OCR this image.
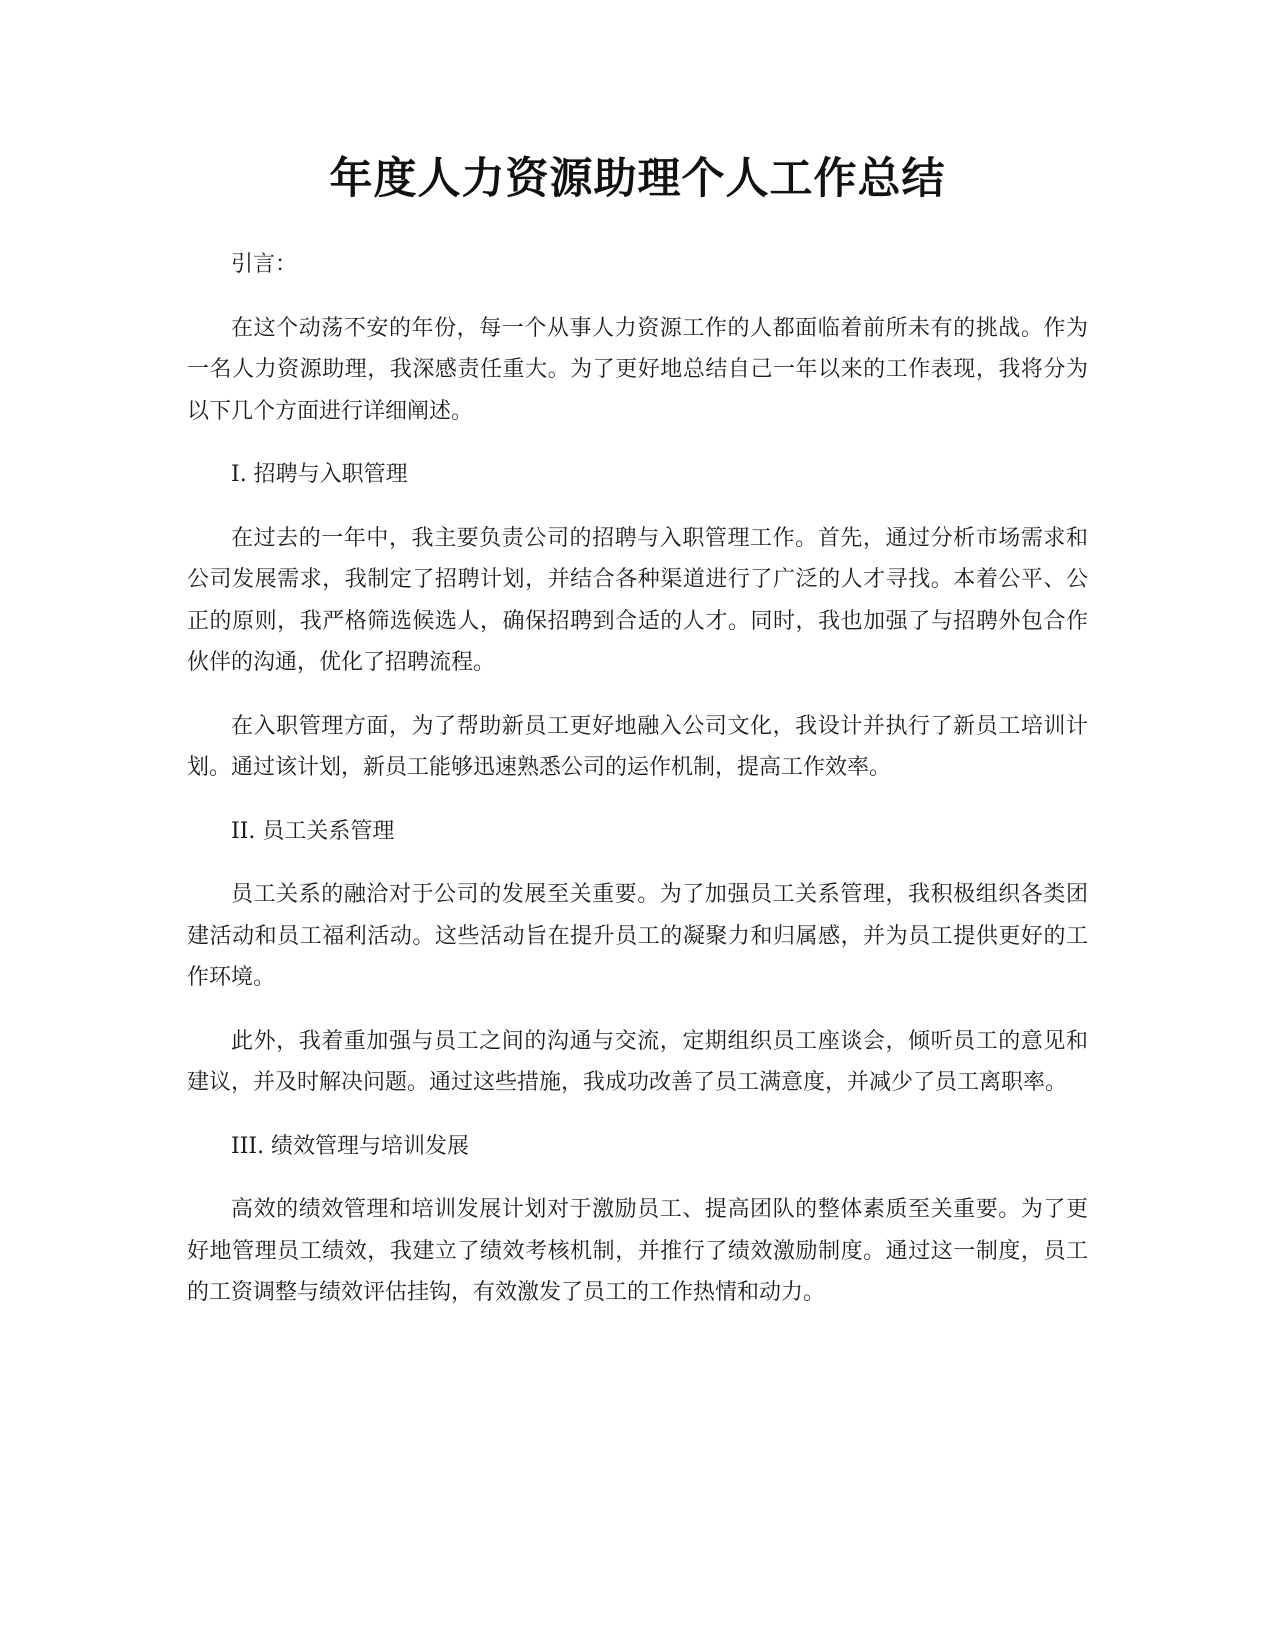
年度人力资源助理个人工作总结
引言：

在这个动荡不安的年份，每一个从事人力资源工作的人都面临着前所未有的挑战。作为一名人力资源助理，我深感责任重大。为了更好地总结自己一年以来的工作表现，我将分为以下几个方面进行详细阐述。

I. 招聘与入职管理

在过去的一年中，我主要负责公司的招聘与入职管理工作。首先，通过分析市场需求和公司发展需求，我制定了招聘计划，并结合各种渠道进行了广泛的人才寻找。本着公平、公正的原则，我严格筛选候选人，确保招聘到合适的人才。同时，我也加强了与招聘外包合作伙伴的沟通，优化了招聘流程。

在入职管理方面，为了帮助新员工更好地融入公司文化，我设计并执行了新员工培训计划。通过该计划，新员工能够迅速熟悉公司的运作机制，提高工作效率。

II. 员工关系管理

员工关系的融洽对于公司的发展至关重要。为了加强员工关系管理，我积极组织各类团建活动和员工福利活动。这些活动旨在提升员工的凝聚力和归属感，并为员工提供更好的工作环境。

此外，我着重加强与员工之间的沟通与交流，定期组织员工座谈会，倾听员工的意见和建议，并及时解决问题。通过这些措施，我成功改善了员工满意度，并减少了员工离职率。

III. 绩效管理与培训发展

高效的绩效管理和培训发展计划对于激励员工、提高团队的整体素质至关重要。为了更好地管理员工绩效，我建立了绩效考核机制，并推行了绩效激励制度。通过这一制度，员工的工资调整与绩效评估挂钩，有效激发了员工的工作热情和动力。
